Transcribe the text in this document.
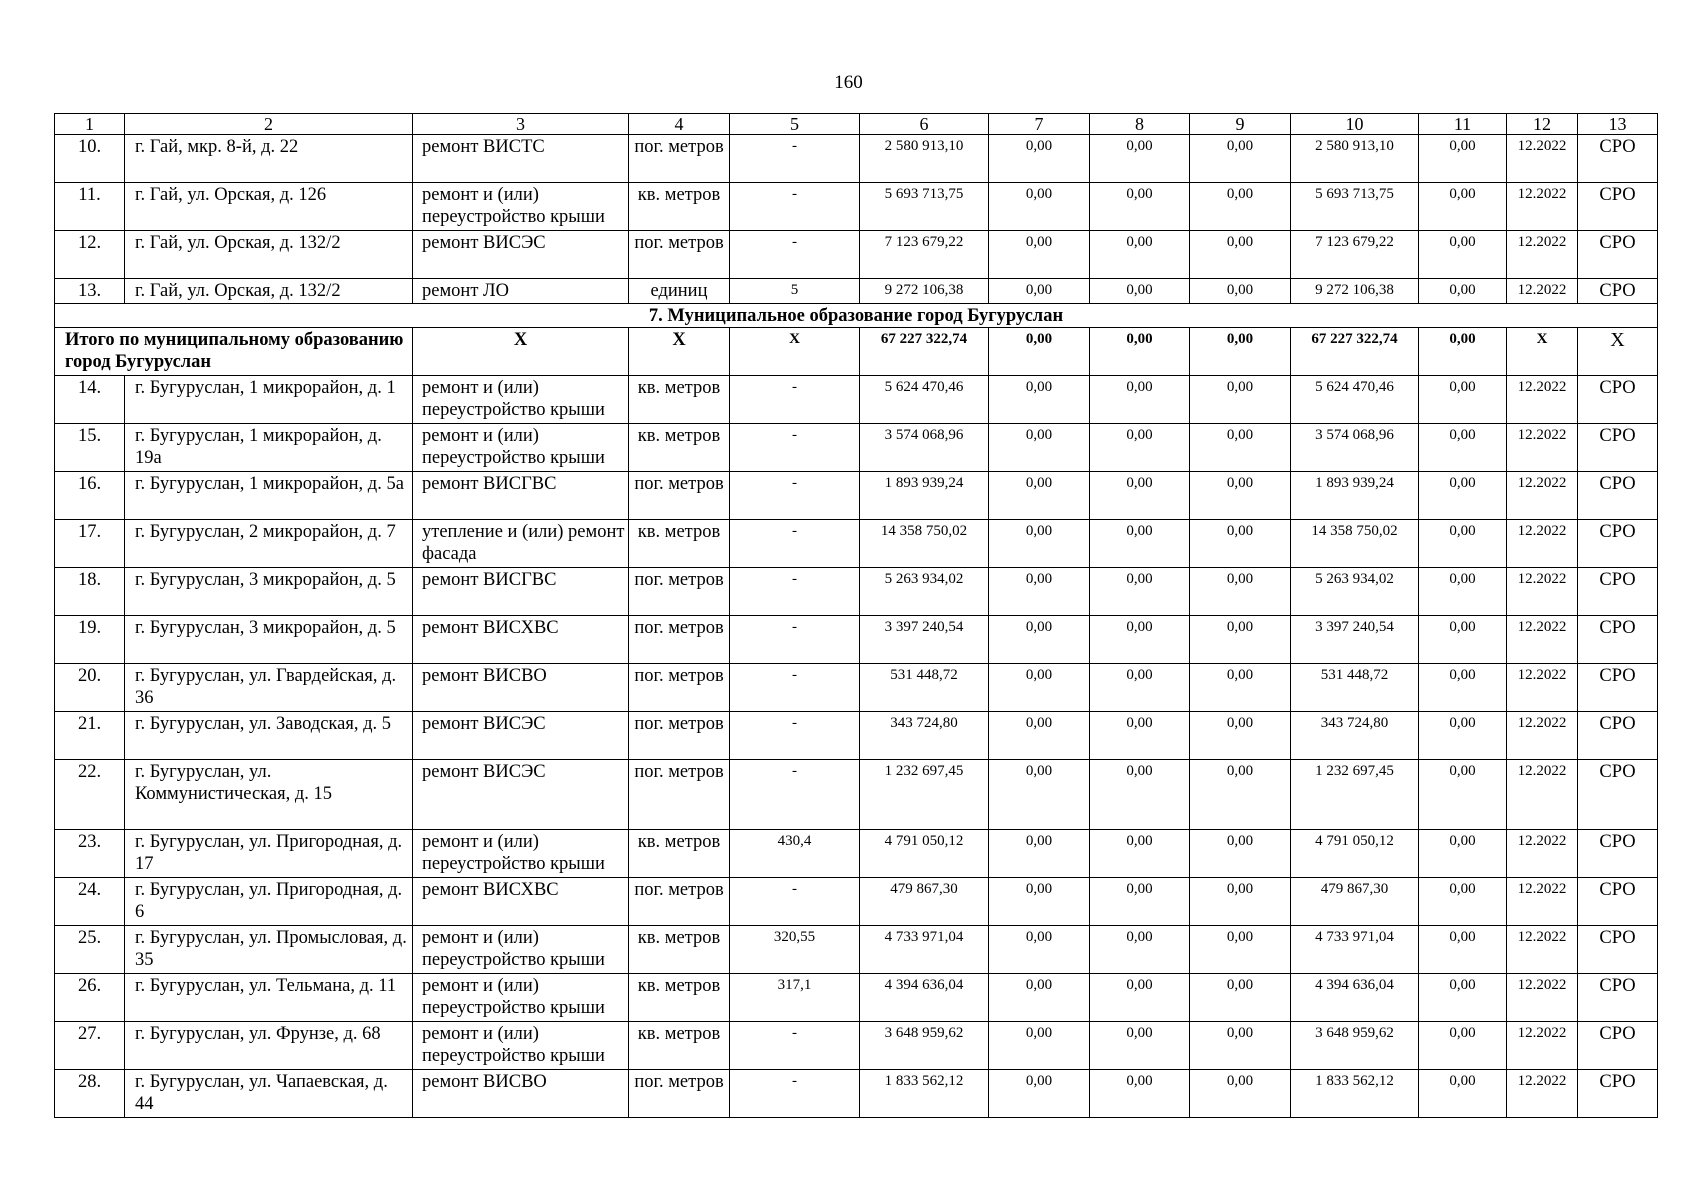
160
1	2	3	4	5	6	7	8	9	10	11	12	13
10.	г. Гай, мкр. 8-й, д. 22	ремонт ВИСТС	пог. метров	-	2 580 913,10	0,00	0,00	0,00	2 580 913,10	0,00	12.2022	СРО
11.	г. Гай, ул. Орская, д. 126	ремонт и (или) переустройство крыши	кв. метров	-	5 693 713,75	0,00	0,00	0,00	5 693 713,75	0,00	12.2022	СРО
12.	г. Гай, ул. Орская, д. 132/2	ремонт ВИСЭС	пог. метров	-	7 123 679,22	0,00	0,00	0,00	7 123 679,22	0,00	12.2022	СРО
13.	г. Гай, ул. Орская, д. 132/2	ремонт ЛО	единиц	5	9 272 106,38	0,00	0,00	0,00	9 272 106,38	0,00	12.2022	СРО
7. Муниципальное образование город Бугуруслан												
Итого по муниципальному образованию город Бугуруслан		X	X	X	67 227 322,74	0,00	0,00	0,00	67 227 322,74	0,00	X	X
14.	г. Бугуруслан, 1 микрорайон, д. 1	ремонт и (или) переустройство крыши	кв. метров	-	5 624 470,46	0,00	0,00	0,00	5 624 470,46	0,00	12.2022	СРО
15.	г. Бугуруслан, 1 микрорайон, д. 19а	ремонт и (или) переустройство крыши	кв. метров	-	3 574 068,96	0,00	0,00	0,00	3 574 068,96	0,00	12.2022	СРО
16.	г. Бугуруслан, 1 микрорайон, д. 5а	ремонт ВИСГВС	пог. метров	-	1 893 939,24	0,00	0,00	0,00	1 893 939,24	0,00	12.2022	СРО
17.	г. Бугуруслан, 2 микрорайон, д. 7	утепление и (или) ремонт фасада	кв. метров	-	14 358 750,02	0,00	0,00	0,00	14 358 750,02	0,00	12.2022	СРО
18.	г. Бугуруслан, 3 микрорайон, д. 5	ремонт ВИСГВС	пог. метров	-	5 263 934,02	0,00	0,00	0,00	5 263 934,02	0,00	12.2022	СРО
19.	г. Бугуруслан, 3 микрорайон, д. 5	ремонт ВИСХВС	пог. метров	-	3 397 240,54	0,00	0,00	0,00	3 397 240,54	0,00	12.2022	СРО
20.	г. Бугуруслан, ул. Гвардейская, д. 36	ремонт ВИСВО	пог. метров	-	531 448,72	0,00	0,00	0,00	531 448,72	0,00	12.2022	СРО
21.	г. Бугуруслан, ул. Заводская, д. 5	ремонт ВИСЭС	пог. метров	-	343 724,80	0,00	0,00	0,00	343 724,80	0,00	12.2022	СРО
22.	г. Бугуруслан, ул. Коммунистическая, д. 15	ремонт ВИСЭС	пог. метров	-	1 232 697,45	0,00	0,00	0,00	1 232 697,45	0,00	12.2022	СРО
23.	г. Бугуруслан, ул. Пригородная, д. 17	ремонт и (или) переустройство крыши	кв. метров	430,4	4 791 050,12	0,00	0,00	0,00	4 791 050,12	0,00	12.2022	СРО
24.	г. Бугуруслан, ул. Пригородная, д. 6	ремонт ВИСХВС	пог. метров	-	479 867,30	0,00	0,00	0,00	479 867,30	0,00	12.2022	СРО
25.	г. Бугуруслан, ул. Промысловая, д. 35	ремонт и (или) переустройство крыши	кв. метров	320,55	4 733 971,04	0,00	0,00	0,00	4 733 971,04	0,00	12.2022	СРО
26.	г. Бугуруслан, ул. Тельмана, д. 11	ремонт и (или) переустройство крыши	кв. метров	317,1	4 394 636,04	0,00	0,00	0,00	4 394 636,04	0,00	12.2022	СРО
27.	г. Бугуруслан, ул. Фрунзе, д. 68	ремонт и (или) переустройство крыши	кв. метров	-	3 648 959,62	0,00	0,00	0,00	3 648 959,62	0,00	12.2022	СРО
28.	г. Бугуруслан, ул. Чапаевская, д. 44	ремонт ВИСВО	пог. метров	-	1 833 562,12	0,00	0,00	0,00	1 833 562,12	0,00	12.2022	СРО
